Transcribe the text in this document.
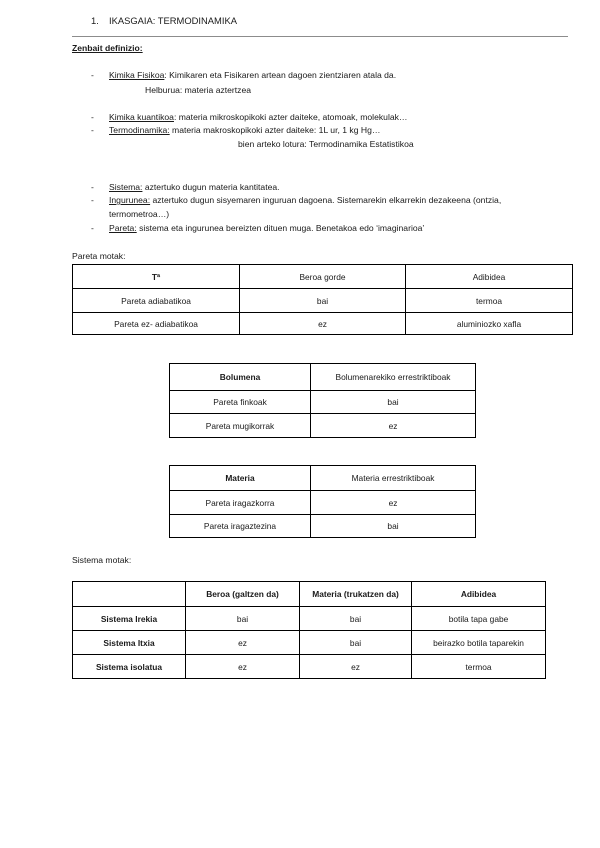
1. IKASGAIA: TERMODINAMIKA
Zenbait definizio:
- Kimika Fisikoa: Kimikaren eta Fisikaren artean dagoen zientziaren atala da.
Helburua: materia aztertzea
- Kimika kuantikoa: materia mikroskopikoki azter daiteke, atomoak, molekulak…
- Termodinamika: materia makroskopikoki azter daiteke: 1L ur, 1 kg Hg…
bien arteko lotura: Termodinamika Estatistikoa
- Sistema: aztertuko dugun materia kantitatea.
- Ingurunea: aztertuko dugun sisyemaren inguruan dagoena. Sistemarekin elkarrekin dezakeena (ontzia,
termometroa…)
- Pareta: sistema eta ingurunea bereizten dituen muga. Benetakoa edo ‘imaginarioa’
Pareta motak:
Tª	Beroa gorde	Adibidea
Pareta adiabatikoa	bai	termoa
Pareta ez- adiabatikoa	ez	aluminiozko xafla
Bolumena	Bolumenarekiko errestriktiboak
Pareta finkoak	bai
Pareta mugikorrak	ez
Materia	Materia errestriktiboak
Pareta iragazkorra	ez
Pareta iragaztezina	bai
Sistema motak:
	Beroa (galtzen da)	Materia (trukatzen da)	Adibidea
Sistema Irekia	bai	bai	botila tapa gabe
Sistema Itxia	ez	bai	beirazko botila taparekin
Sistema isolatua	ez	ez	termoa
